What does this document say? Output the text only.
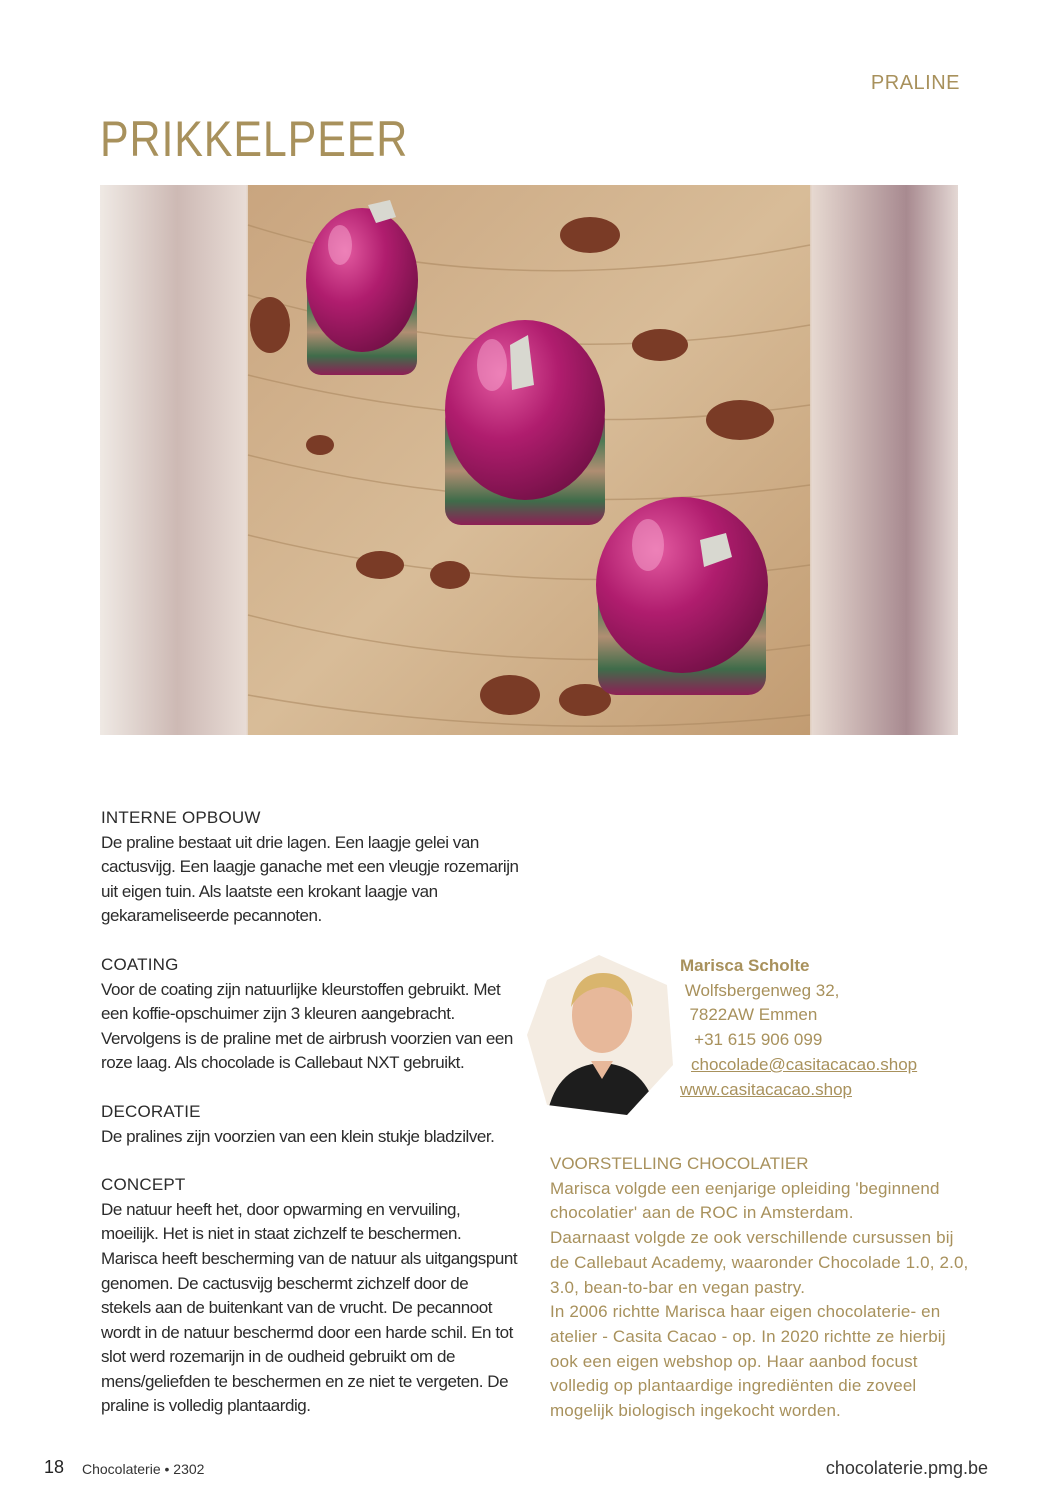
PRALINE
PRIKKELPEER
INTERNE OPBOUW

De praline bestaat uit drie lagen. Een laagje gelei van cactusvijg. Een laagje ganache met een vleugje rozemarijn uit eigen tuin. Als laatste een krokant laagje van gekarameliseerde pecannoten.

COATING

Voor de coating zijn natuurlijke kleurstoffen gebruikt. Met een koffie-opschuimer zijn 3 kleuren aangebracht. Vervolgens is de praline met de airbrush voorzien van een roze laag. Als chocolade is Callebaut NXT gebruikt.

DECORATIE

De pralines zijn voorzien van een klein stukje bladzilver.

CONCEPT

De natuur heeft het, door opwarming en vervuiling, moeilijk. Het is niet in staat zichzelf te beschermen. Marisca heeft bescherming van de natuur als uitgangspunt genomen. De cactusvijg beschermt zichzelf door de stekels aan de buitenkant van de vrucht. De pecannoot wordt in de natuur beschermd door een harde schil. En tot slot werd rozemarijn in de oudheid gebruikt om de mens/geliefden te beschermen en ze niet te vergeten. De praline is volledig plantaardig.

Marisca Scholte
Wolfsbergenweg 32,
7822AW Emmen
+31 615 906 099
chocolade@casitacacao.shop
www.casitacacao.shop
VOORSTELLING CHOCOLATIER

Marisca volgde een eenjarige opleiding 'beginnend chocolatier' aan de ROC in Amsterdam.

Daarnaast volgde ze ook verschillende cursussen bij de Callebaut Academy, waaronder Chocolade 1.0, 2.0, 3.0, bean-to-bar en vegan pastry.

In 2006 richtte Marisca haar eigen chocolaterie- en atelier - Casita Cacao - op. In 2020 richtte ze hierbij ook een eigen webshop op. Haar aanbod focust volledig op plantaardige ingrediënten die zoveel mogelijk biologisch ingekocht worden.

18 Chocolaterie • 2302	chocolaterie.pmg.be
